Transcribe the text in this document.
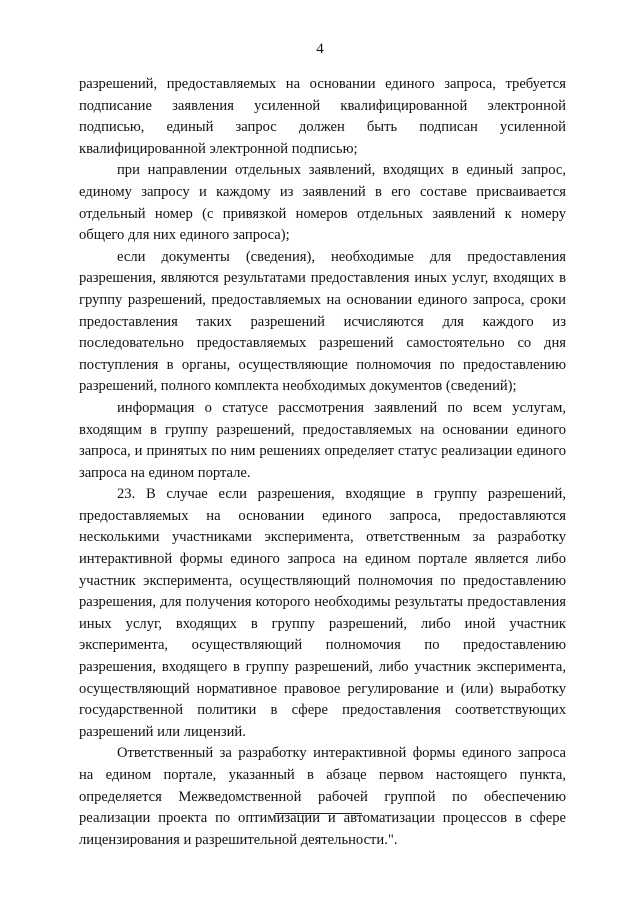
4

разрешений, предоставляемых на основании единого запроса, требуется подписание заявления усиленной квалифицированной электронной подписью, единый запрос должен быть подписан усиленной квалифицированной электронной подписью;

при направлении отдельных заявлений, входящих в единый запрос, единому запросу и каждому из заявлений в его составе присваивается отдельный номер (с привязкой номеров отдельных заявлений к номеру общего для них единого запроса);

если документы (сведения), необходимые для предоставления разрешения, являются результатами предоставления иных услуг, входящих в группу разрешений, предоставляемых на основании единого запроса, сроки предоставления таких разрешений исчисляются для каждого из последовательно предоставляемых разрешений самостоятельно со дня поступления в органы, осуществляющие полномочия по предоставлению разрешений, полного комплекта необходимых документов (сведений);

информация о статусе рассмотрения заявлений по всем услугам, входящим в группу разрешений, предоставляемых на основании единого запроса, и принятых по ним решениях определяет статус реализации единого запроса на едином портале.

23. В случае если разрешения, входящие в группу разрешений, предоставляемых на основании единого запроса, предоставляются несколькими участниками эксперимента, ответственным за разработку интерактивной формы единого запроса на едином портале является либо участник эксперимента, осуществляющий полномочия по предоставлению разрешения, для получения которого необходимы результаты предоставления иных услуг, входящих в группу разрешений, либо иной участник эксперимента, осуществляющий полномочия по предоставлению разрешения, входящего в группу разрешений, либо участник эксперимента, осуществляющий нормативное правовое регулирование и (или) выработку государственной политики в сфере предоставления соответствующих разрешений или лицензий.

Ответственный за разработку интерактивной формы единого запроса на едином портале, указанный в абзаце первом настоящего пункта, определяется Межведомственной рабочей группой по обеспечению реализации проекта по оптимизации и автоматизации процессов в сфере лицензирования и разрешительной деятельности.".
